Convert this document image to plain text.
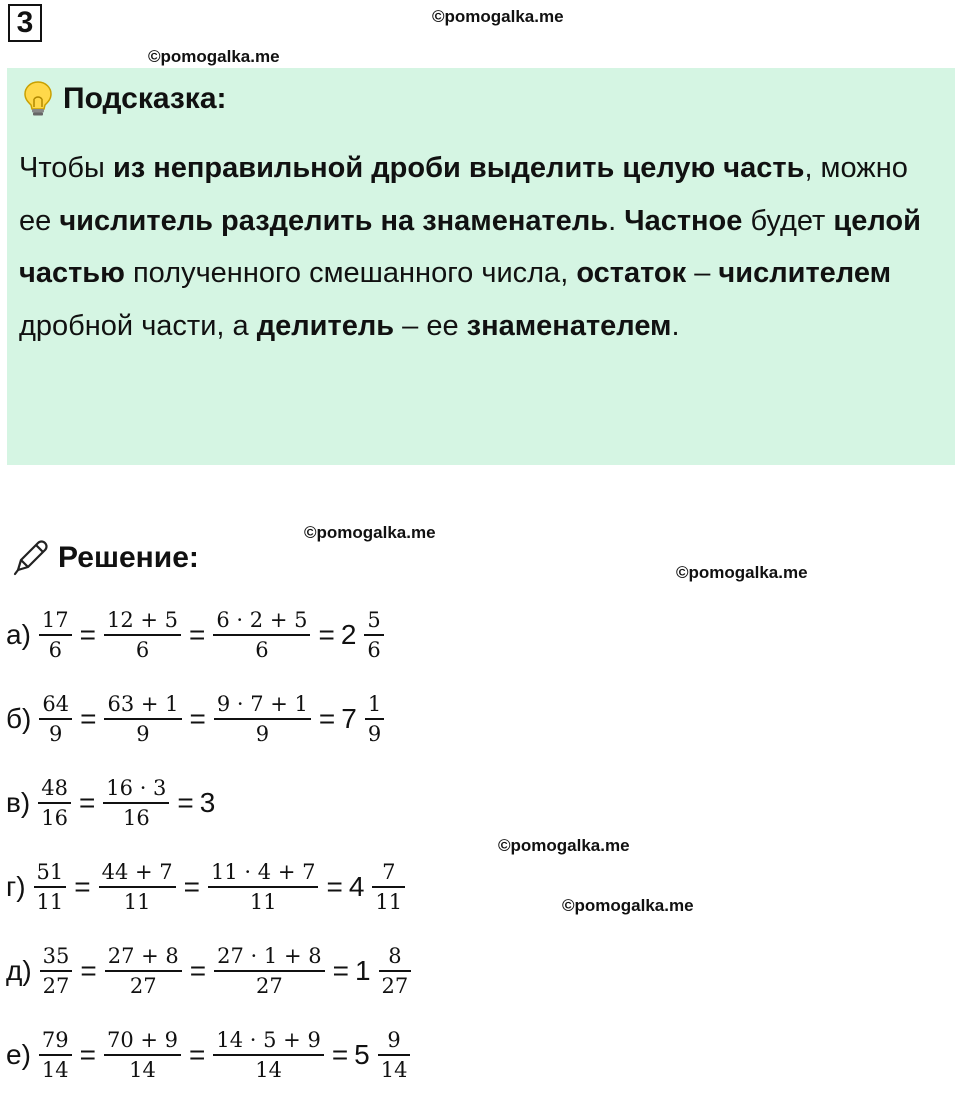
3	©pomogalka.me
©pomogalka.me
Подсказка:
Чтобы из неправильной дроби выделить целую часть, можно ее числитель разделить на знаменатель. Частное будет целой частью полученного смешанного числа, остаток – числителем дробной части, а делитель – ее знаменателем.
©pomogalka.me
©pomogalka.me
©pomogalka.me
©pomogalka.me
Решение:
$а) \frac{17}{6} = \frac{12 + 5}{6} = \frac{6 \cdot 2 + 5}{6} = 2 \frac{5}{6}$
$б) \frac{64}{9} = \frac{63 + 1}{9} = \frac{9 \cdot 7 + 1}{9} = 7 \frac{1}{9}$
$в) \frac{48}{16} = \frac{16 \cdot 3}{16} = 3$
$г) \frac{51}{11} = \frac{44 + 7}{11} = \frac{11 \cdot 4 + 7}{11} = 4 \frac{7}{11}$
$д) \frac{35}{27} = \frac{27 + 8}{27} = \frac{27 \cdot 1 + 8}{27} = 1 \frac{8}{27}$
$е) \frac{79}{14} = \frac{70 + 9}{14} = \frac{14 \cdot 5 + 9}{14} = 5 \frac{9}{14}$
